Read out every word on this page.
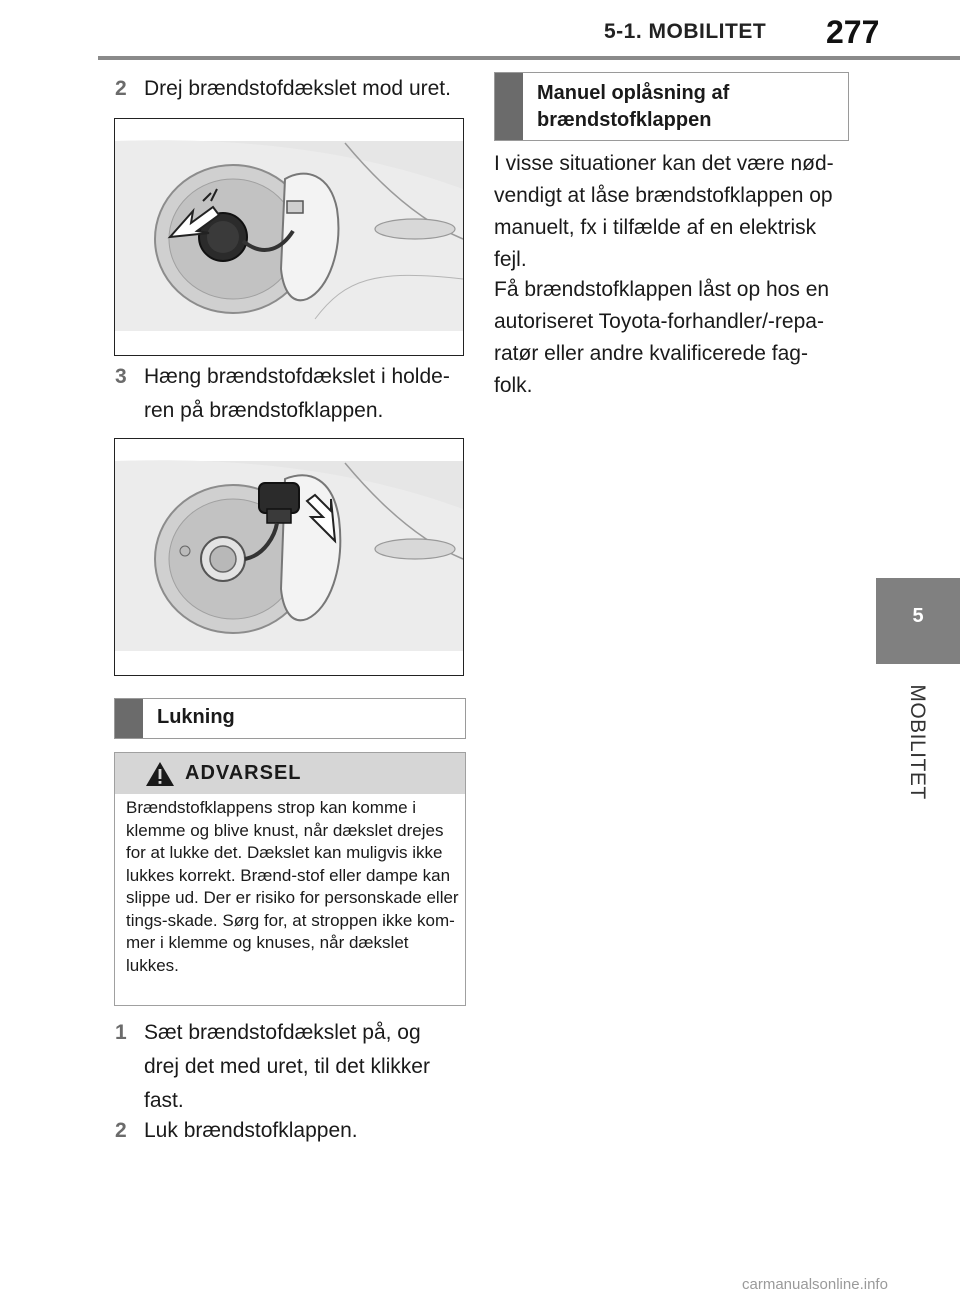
5-1. MOBILITET 277
5
MOBILITET
2 Drej brændstofdækslet mod uret.
3 Hæng brændstofdækslet i holde-ren på brændstofklappen.
Lukning
ADVARSEL
Brændstofklappens strop kan komme i klemme og blive knust, når dækslet drejes for at lukke det. Dækslet kan muligvis ikke lukkes korrekt. Brænd-stof eller dampe kan slippe ud. Der er risiko for personskade eller tings-skade. Sørg for, at stroppen ikke kom-mer i klemme og knuses, når dækslet lukkes.
1 Sæt brændstofdækslet på, og drej det med uret, til det klikker fast.
2 Luk brændstofklappen.
Manuel oplåsning af brændstofklappen
I visse situationer kan det være nød-vendigt at låse brændstofklappen op manuelt, fx i tilfælde af en elektrisk fejl.
Få brændstofklappen låst op hos en autoriseret Toyota-forhandler/-repa-ratør eller andre kvalificerede fag-folk.
carmanualsonline.info
